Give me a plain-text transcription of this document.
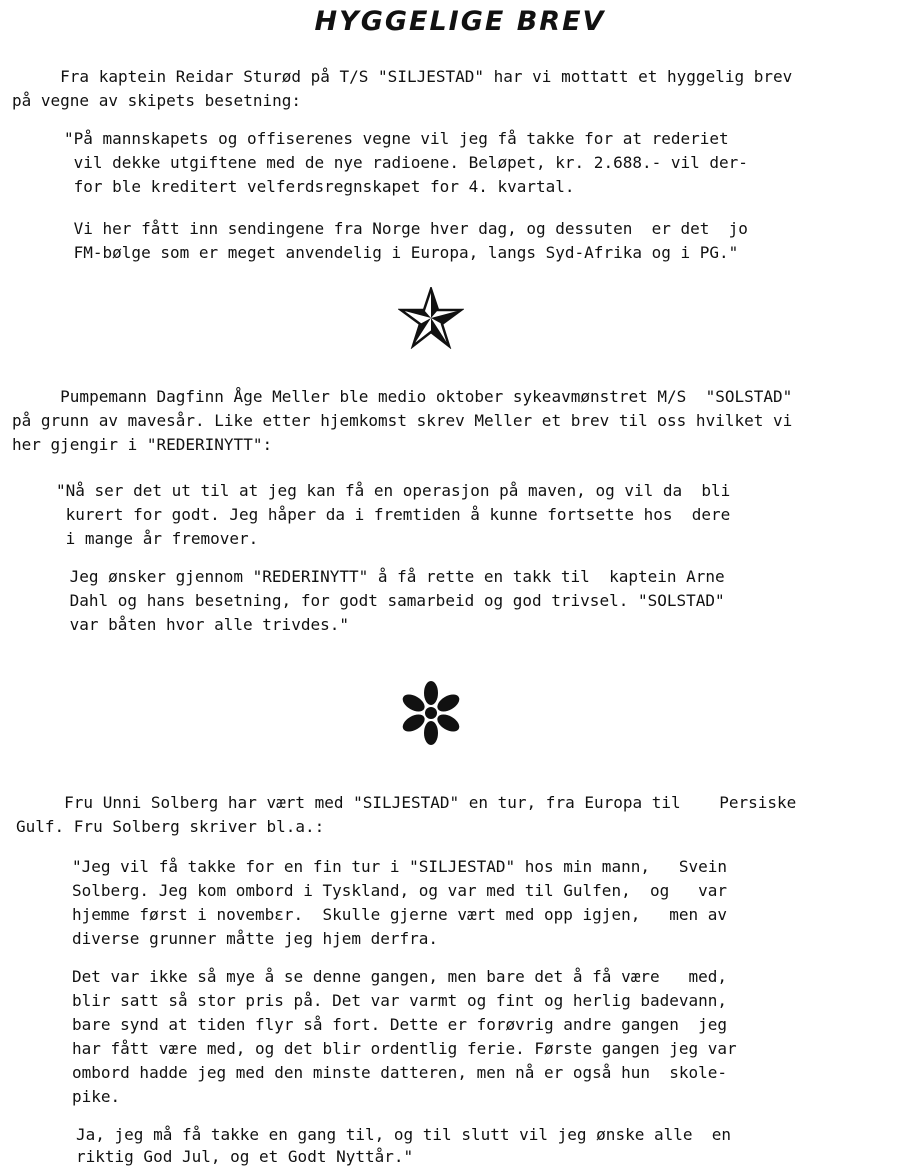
HYGGELIGE BREV
Fra kaptein Reidar Sturød på T/S "SILJESTAD" har vi mottatt et hyggelig brev
på vegne av skipets besetning:
"På mannskapets og offiserenes vegne vil jeg få takke for at rederiet
vil dekke utgiftene med de nye radioene. Beløpet, kr. 2.688.- vil der-
for ble kreditert velferdsregnskapet for 4. kvartal.
Vi her fått inn sendingene fra Norge hver dag, og dessuten  er det  jo
FM-bølge som er meget anvendelig i Europa, langs Syd-Afrika og i PG."
Pumpemann Dagfinn Åge Meller ble medio oktober sykeavmønstret M/S  "SOLSTAD"
på grunn av mavesår. Like etter hjemkomst skrev Meller et brev til oss hvilket vi
her gjengir i "REDERINYTT":
"Nå ser det ut til at jeg kan få en operasjon på maven, og vil da  bli
kurert for godt. Jeg håper da i fremtiden å kunne fortsette hos  dere
i mange år fremover.
Jeg ønsker gjennom "REDERINYTT" å få rette en takk til  kaptein Arne
Dahl og hans besetning, for godt samarbeid og god trivsel. "SOLSTAD"
var båten hvor alle trivdes."
Fru Unni Solberg har vært med "SILJESTAD" en tur, fra Europa til    Persiske
Gulf. Fru Solberg skriver bl.a.:
"Jeg vil få takke for en fin tur i "SILJESTAD" hos min mann,   Svein
Solberg. Jeg kom ombord i Tyskland, og var med til Gulfen,  og   var
hjemme først i novembεr.  Skulle gjerne vært med opp igjen,   men av
diverse grunner måtte jeg hjem derfra.
Det var ikke så mye å se denne gangen, men bare det å få være   med,
blir satt så stor pris på. Det var varmt og fint og herlig badevann,
bare synd at tiden flyr så fort. Dette er forøvrig andre gangen  jeg
har fått være med, og det blir ordentlig ferie. Første gangen jeg var
ombord hadde jeg med den minste datteren, men nå er også hun  skole-
pike.
Ja, jeg må få takke en gang til, og til slutt vil jeg ønske alle  en
riktig God Jul, og et Godt Nyttår."
